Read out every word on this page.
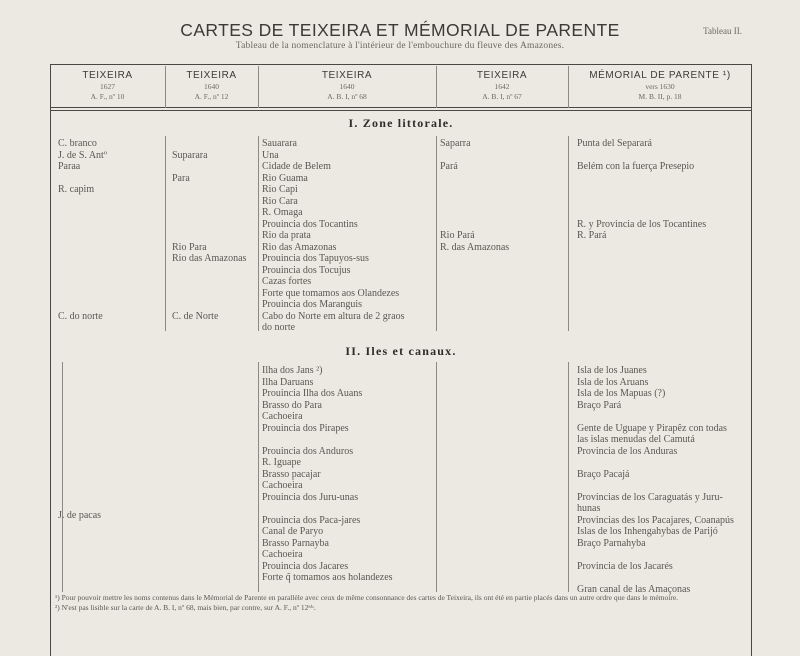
CARTES DE TEIXEIRA ET MÉMORIAL DE PARENTE	Tableau II.
Tableau de la nomenclature à l'intérieur de l'embouchure du fleuve des Amazones.
TEIXEIRA
1627
A. F., nº 10
TEIXEIRA
1640
A. F., nº 12
TEIXEIRA
1640
A. B. I, nº 68
TEIXEIRA
1642
A. B. I, nº 67
MÉMORIAL DE PARENTE ¹)
vers 1630
M. B. II, p. 18
I. Zone littorale.
II. Iles et canaux.
C. branco
J. de S. Antº
Paraa
R. capim
C. do norte
Suparara
Para
Rio Para
Rio das Amazonas
C. de Norte
Sauarara
Una
Cidade de Belem
Rio Guama
Rio Capi
Rio Cara
R. Omaga
Prouincia dos Tocantins
Rio da prata
Rio das Amazonas
Prouincia dos Tapuyos-sus
Prouincia dos Tocujus
Cazas fortes
Forte que tomamos aos Olandezes
Prouincia dos Maranguis
Cabo do Norte em altura de 2 graos
do norte
Saparra
Pará
Rio Pará
R. das Amazonas
Punta del Separará
Belém con la fuerça Presepio
R. y Provincia de los Tocantines
R. Pará
J. de pacas
Ilha dos Jans ²)
Ilha Daruans
Prouincia Ilha dos Auans
Brasso do Para
Cachoeira
Prouincia dos Pirapes
Prouincia dos Anduros
R. Iguape
Brasso pacajar
Cachoeira
Prouincia dos Juru-unas
Prouincia dos Paca-jares
Canal de Paryo
Brasso Parnayba
Cachoeira
Prouincia dos Jacares
Forte q̃ tomamos aos holandezes
Isla de los Juanes
Isla de los Aruans
Isla de los Mapuas (?)
Braço Pará
Gente de Uguape y Pirapêz con todas
las islas menudas del Camutá
Provincia de los Anduras
Braço Pacajá
Provincias de los Caraguatás y Juru-
hunas
Provincias des los Pacajares, Coanapús
Islas de los Inhengahybas de Parijó
Braço Parnahyba
Provincia de los Jacarés
Gran canal de las Amaçonas

¹) Pour pouvoir mettre les noms contenus dans le Mémorial de Parente en parallèle avec ceux de même consonnance des cartes de Teixeira, ils ont été en partie placés dans un autre ordre que dans le mémoire.

²) N'est pas lisible sur la carte de A. B. I, nº 68, mais bien, par contre, sur A. F., nº 12ᵇⁱˢ.
